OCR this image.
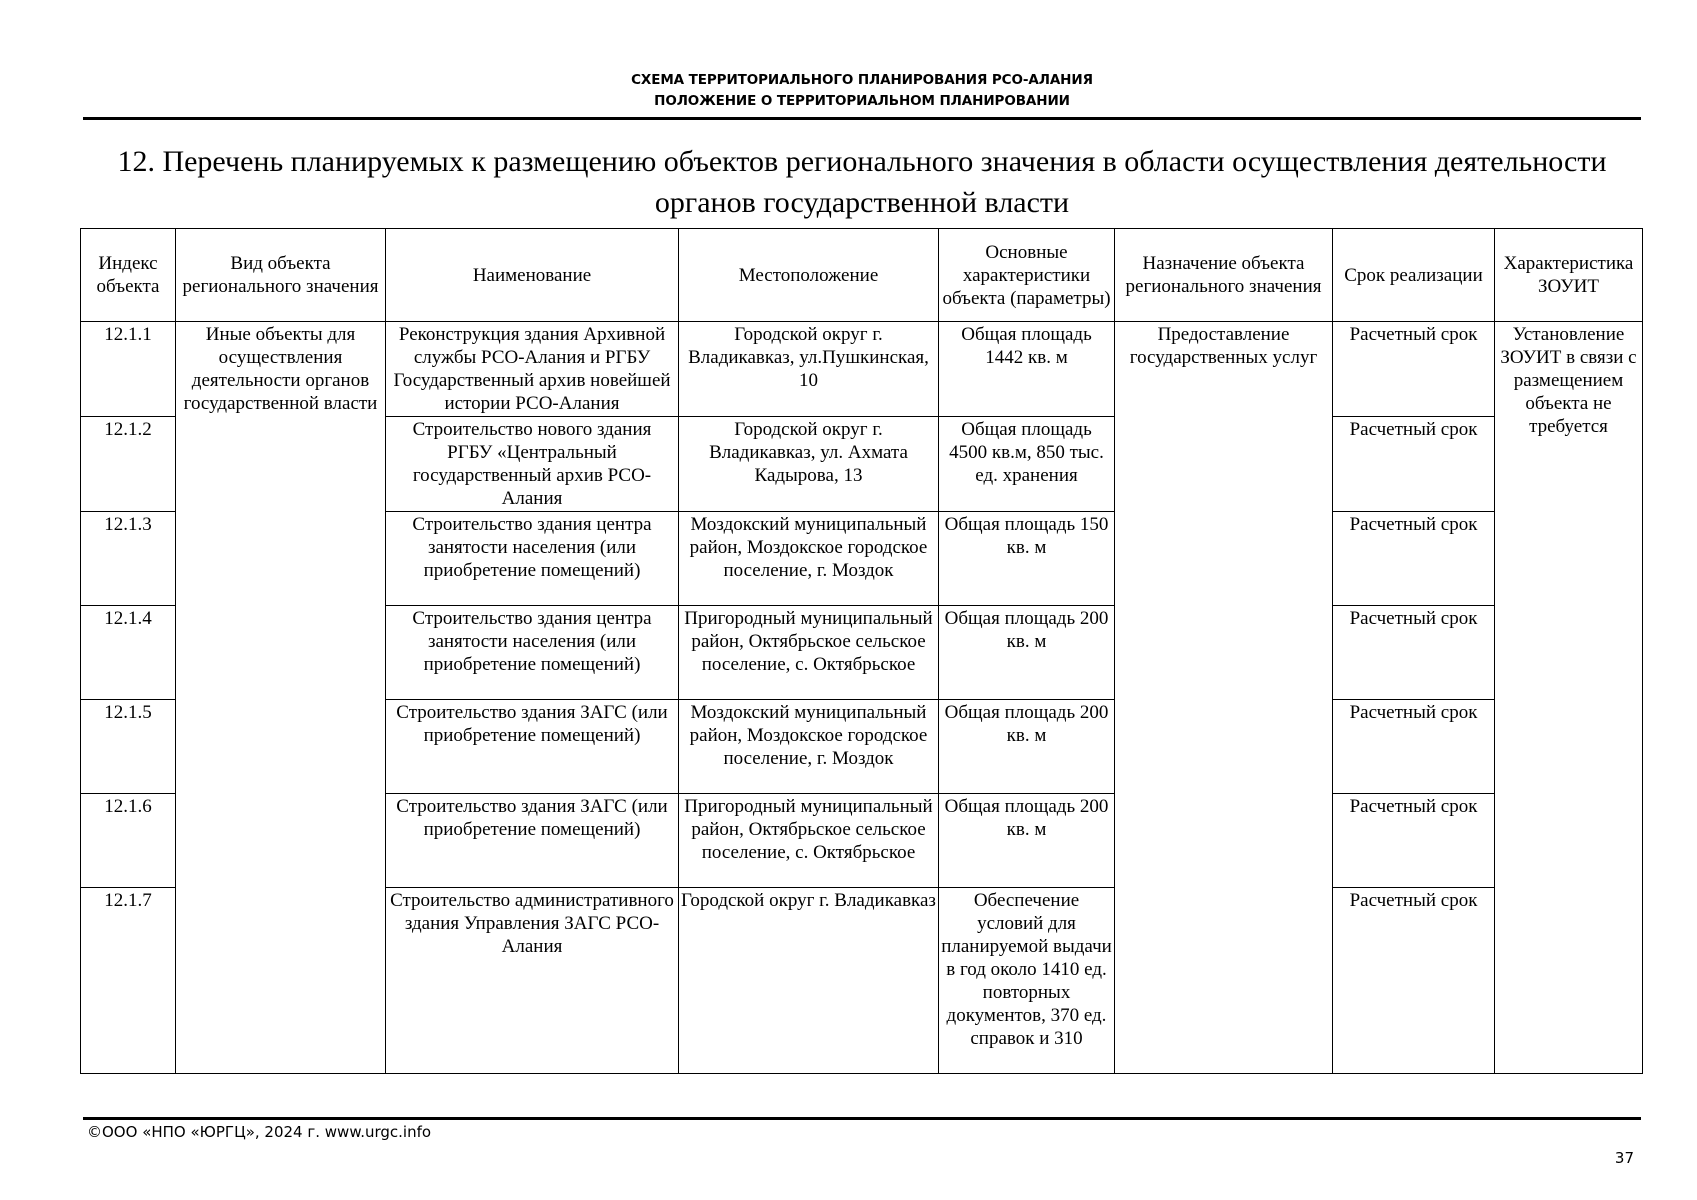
СХЕМА ТЕРРИТОРИАЛЬНОГО ПЛАНИРОВАНИЯ РСО-АЛАНИЯ
ПОЛОЖЕНИЕ О ТЕРРИТОРИАЛЬНОМ ПЛАНИРОВАНИИ
12. Перечень планируемых к размещению объектов регионального значения в области осуществления деятельности
органов государственной власти
Индекс объекта	Вид объекта регионального значения	Наименование	Местоположение	Основные характеристики объекта (параметры)	Назначение объекта регионального значения	Срок реализации	Характеристика ЗОУИТ
12.1.1	Иные объекты для осуществления деятельности органов государственной власти	Реконструкция здания Архивной службы РСО-Алания и РГБУ Государственный архив новейшей истории РСО-Алания	Городской округ г. Владикавказ, ул.Пушкинская, 10	Общая площадь 1442 кв. м	Предоставление государственных услуг	Расчетный срок	Установление ЗОУИТ в связи с размещением объекта не требуется
12.1.2		Строительство нового здания РГБУ «Центральный государственный архив РСО-Алания	Городской округ г. Владикавказ, ул. Ахмата Кадырова, 13	Общая площадь 4500 кв.м, 850 тыс. ед. хранения		Расчетный срок	
12.1.3		Строительство здания центра занятости населения (или приобретение помещений)	Моздокский муниципальный район, Моздокское городское поселение, г. Моздок	Общая площадь 150 кв. м		Расчетный срок	
12.1.4		Строительство здания центра занятости населения (или приобретение помещений)	Пригородный муниципальный район, Октябрьское сельское поселение, с. Октябрьское	Общая площадь 200 кв. м		Расчетный срок	
12.1.5		Строительство здания ЗАГС (или приобретение помещений)	Моздокский муниципальный район, Моздокское городское поселение, г. Моздок	Общая площадь 200 кв. м		Расчетный срок	
12.1.6		Строительство здания ЗАГС (или приобретение помещений)	Пригородный муниципальный район, Октябрьское сельское поселение, с. Октябрьское	Общая площадь 200 кв. м		Расчетный срок	
12.1.7		Строительство административного здания Управления ЗАГС РСО-Алания	Городской округ г. Владикавказ	Обеспечение условий для планируемой выдачи в год около 1410 ед. повторных документов, 370 ед. справок и 310		Расчетный срок	
©ООО «НПО «ЮРГЦ», 2024 г. www.urgc.info
37
